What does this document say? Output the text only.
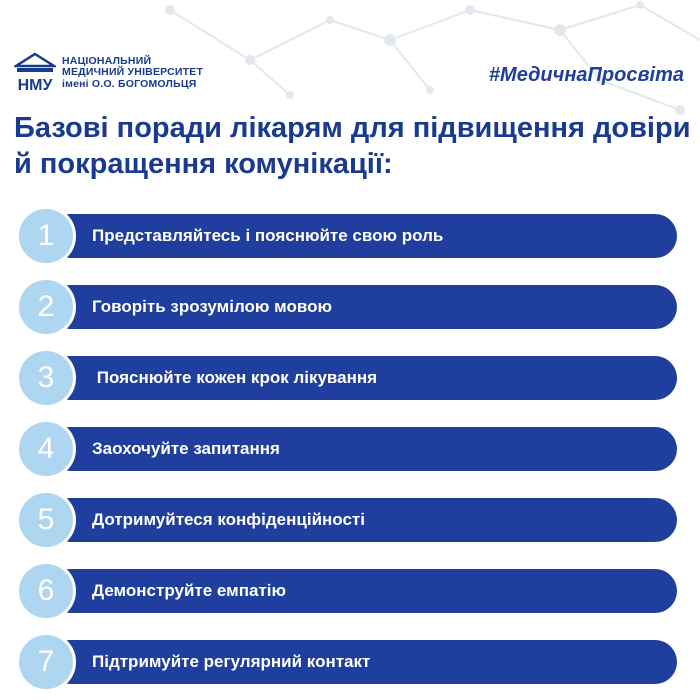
НМУ
НАЦІОНАЛЬНИЙ
МЕДИЧНИЙ УНІВЕРСИТЕТ
імені О.О. БОГОМОЛЬЦЯ	#МедичнаПросвіта
Базові поради лікарям для підвищення довіри й покращення комунікації:
1	Представляйтесь і пояснюйте свою роль
2	Говоріть зрозумілою мовою
3	Пояснюйте кожен крок лікування
4	Заохочуйте запитання
5	Дотримуйтеся конфіденційності
6	Демонструйте емпатію
7	Підтримуйте регулярний контакт
